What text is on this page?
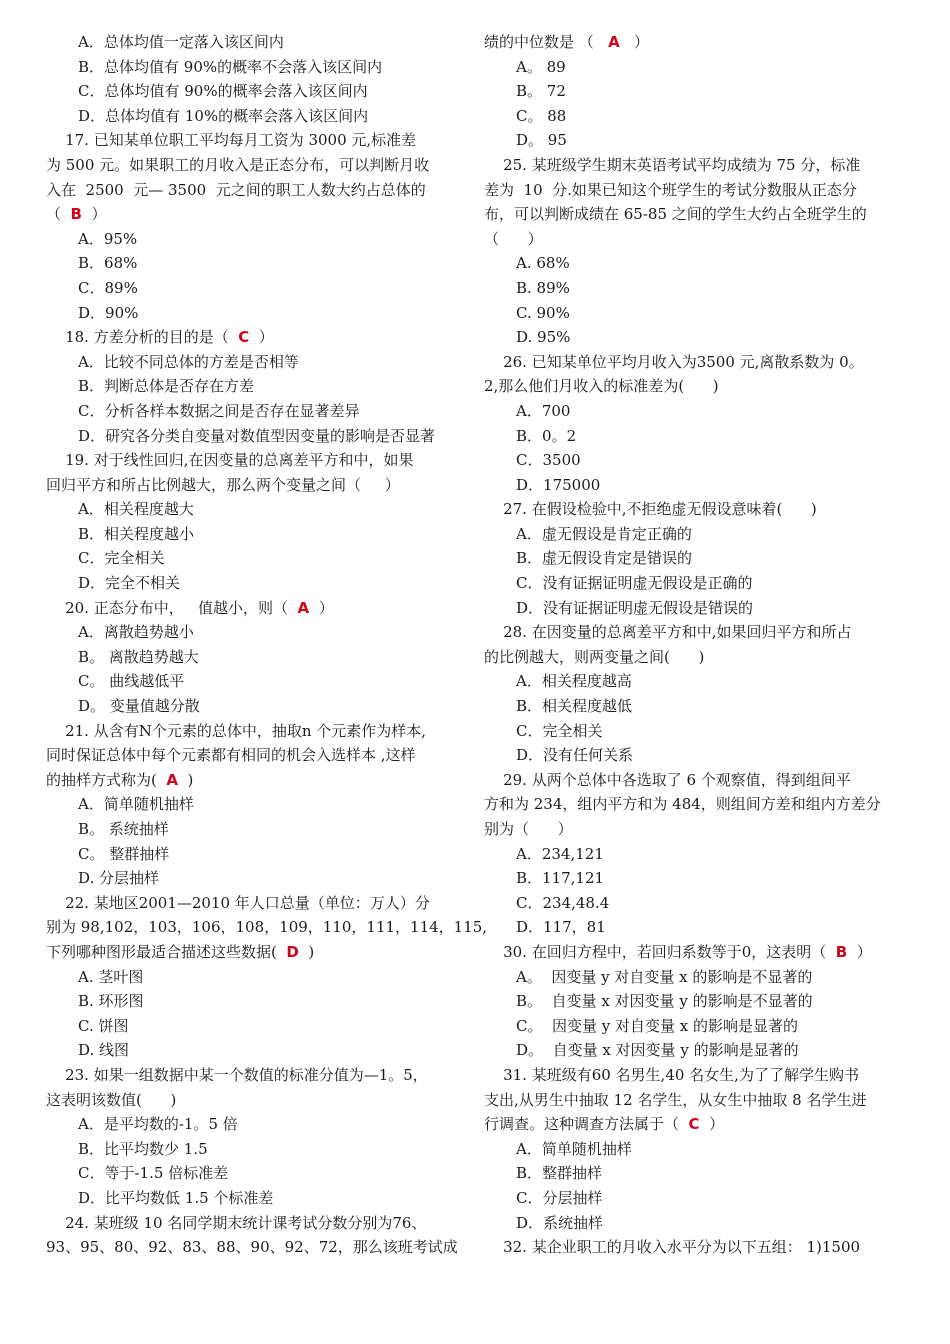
A．总体均值一定落入该区间内
B．总体均值有 90%的概率不会落入该区间内
C．总体均值有 90%的概率会落入该区间内
D．总体均值有 10%的概率会落入该区间内
17. 已知某单位职工平均每月工资为 3000 元,标准差
为 500 元。如果职工的月收入是正态分布，可以判断月收
入在  2500  元— 3500  元之间的职工人数大约占总体的
（  B  ）
A．95%
B．68%
C．89%
D．90%
18. 方差分析的目的是（  C  ）
A．比较不同总体的方差是否相等
B．判断总体是否存在方差
C．分析各样本数据之间是否存在显著差异
D．研究各分类自变量对数值型因变量的影响是否显著
19. 对于线性回归,在因变量的总离差平方和中，如果
回归平方和所占比例越大，那么两个变量之间（     ）
A．相关程度越大
B．相关程度越小
C．完全相关
D．完全不相关
20. 正态分布中，   值越小，则（  A  ）
A．离散趋势越小
B。 离散趋势越大
C。 曲线越低平
D。 变量值越分散
21. 从含有N个元素的总体中，抽取n 个元素作为样本,
同时保证总体中每个元素都有相同的机会入选样本 ,这样
的抽样方式称为(  A  )
A．简单随机抽样
B。 系统抽样
C。 整群抽样
D. 分层抽样
22. 某地区2001—2010 年人口总量（单位：万人）分
别为 98,102，103，106，108，109，110，111，114，115,
下列哪种图形最适合描述这些数据(  D  )
A. 茎叶图
B. 环形图
C. 饼图
D. 线图
23. 如果一组数据中某一个数值的标准分值为—1。5，
这表明该数值(      )
A．是平均数的-1。5 倍
B．比平均数少 1.5
C．等于-1.5 倍标准差
D．比平均数低 1.5 个标准差
24. 某班级 10 名同学期末统计课考试分数分别为76、
93、95、80、92、83、88、90、92、72，那么该班考试成
绩的中位数是 （   A   ）
A。 89
B。 72
C。 88
D。 95
25. 某班级学生期末英语考试平均成绩为 75 分，标准
差为  10  分.如果已知这个班学生的考试分数服从正态分
布，可以判断成绩在 65-85 之间的学生大约占全班学生的
（      ）
A. 68%
B. 89%
C. 90%
D. 95%
26. 已知某单位平均月收入为3500 元,离散系数为 0。
2,那么他们月收入的标准差为(      )
A．700
B．0。2
C．3500
D．175000
27. 在假设检验中,不拒绝虚无假设意味着(      )
A．虚无假设是肯定正确的
B．虚无假设肯定是错误的
C．没有证据证明虚无假设是正确的
D．没有证据证明虚无假设是错误的
28. 在因变量的总离差平方和中,如果回归平方和所占
的比例越大，则两变量之间(      )
A．相关程度越高
B．相关程度越低
C．完全相关
D．没有任何关系
29. 从两个总体中各选取了 6 个观察值，得到组间平
方和为 234，组内平方和为 484，则组间方差和组内方差分
别为（      ）
A．234,121
B．117,121
C．234,48.4
D．117，81
30. 在回归方程中，若回归系数等于0，这表明（  B  ）
A。  因变量 y 对自变量 x 的影响是不显著的
B。  自变量 x 对因变量 y 的影响是不显著的
C。  因变量 y 对自变量 x 的影响是显著的
D。  自变量 x 对因变量 y 的影响是显著的
31. 某班级有60 名男生,40 名女生,为了了解学生购书
支出,从男生中抽取 12 名学生，从女生中抽取 8 名学生进
行调查。这种调查方法属于（  C  ）
A．简单随机抽样
B．整群抽样
C．分层抽样
D．系统抽样
32. 某企业职工的月收入水平分为以下五组： 1)1500
